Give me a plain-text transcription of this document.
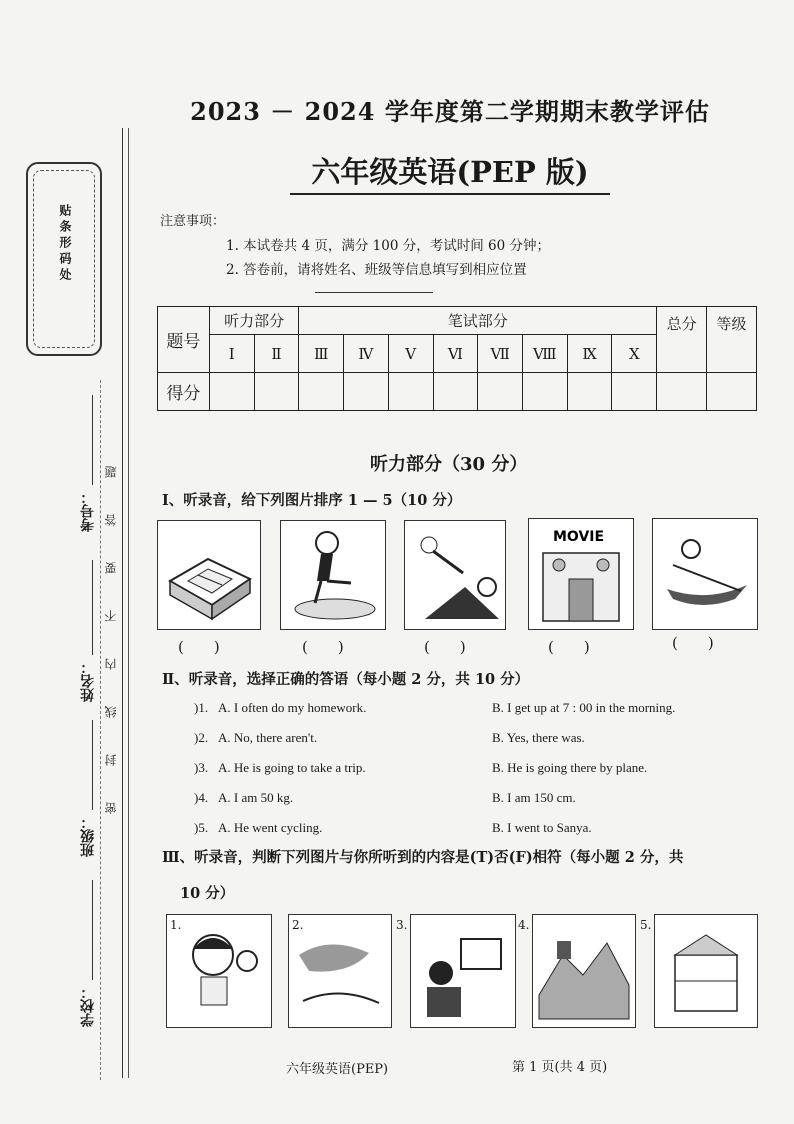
2023 － 2024 学年度第二学期期末教学评估
六年级英语(PEP 版)
注意事项：
1. 本试卷共 4 页，满分 100 分，考试时间 60 分钟；
2. 答卷前，请将姓名、班级等信息填写到相应位置
贴条形码处
密封线内不要答题
考号：
姓名：
班级：
学校：
题号	听力部分		笔试部分								总分	等级
	Ⅰ	Ⅱ	Ⅲ	Ⅳ	Ⅴ	Ⅵ	Ⅶ	Ⅷ	Ⅸ	Ⅹ		
得分												
听力部分（30 分）
Ⅰ、听录音，给下列图片排序 1 — 5（10 分）
MOVIE
(　　)	(　　)	(　　)	(　　)	(　　)
Ⅱ、听录音，选择正确的答语（每小题 2 分，共 10 分）
)1. A. I often do my homework.	B. I get up at 7 : 00 in the morning.
)2. A. No, there aren't.	B. Yes, there was.
)3. A. He is going to take a trip.	B. He is going there by plane.
)4. A. I am 50 kg.	B. I am 150 cm.
)5. A. He went cycling.	B. I went to Sanya.
Ⅲ、听录音，判断下列图片与你所听到的内容是(T)否(F)相符（每小题 2 分，共
10 分）
1.	2.	3.	4.	5.
六年级英语(PEP)	第 1 页(共 4 页)
